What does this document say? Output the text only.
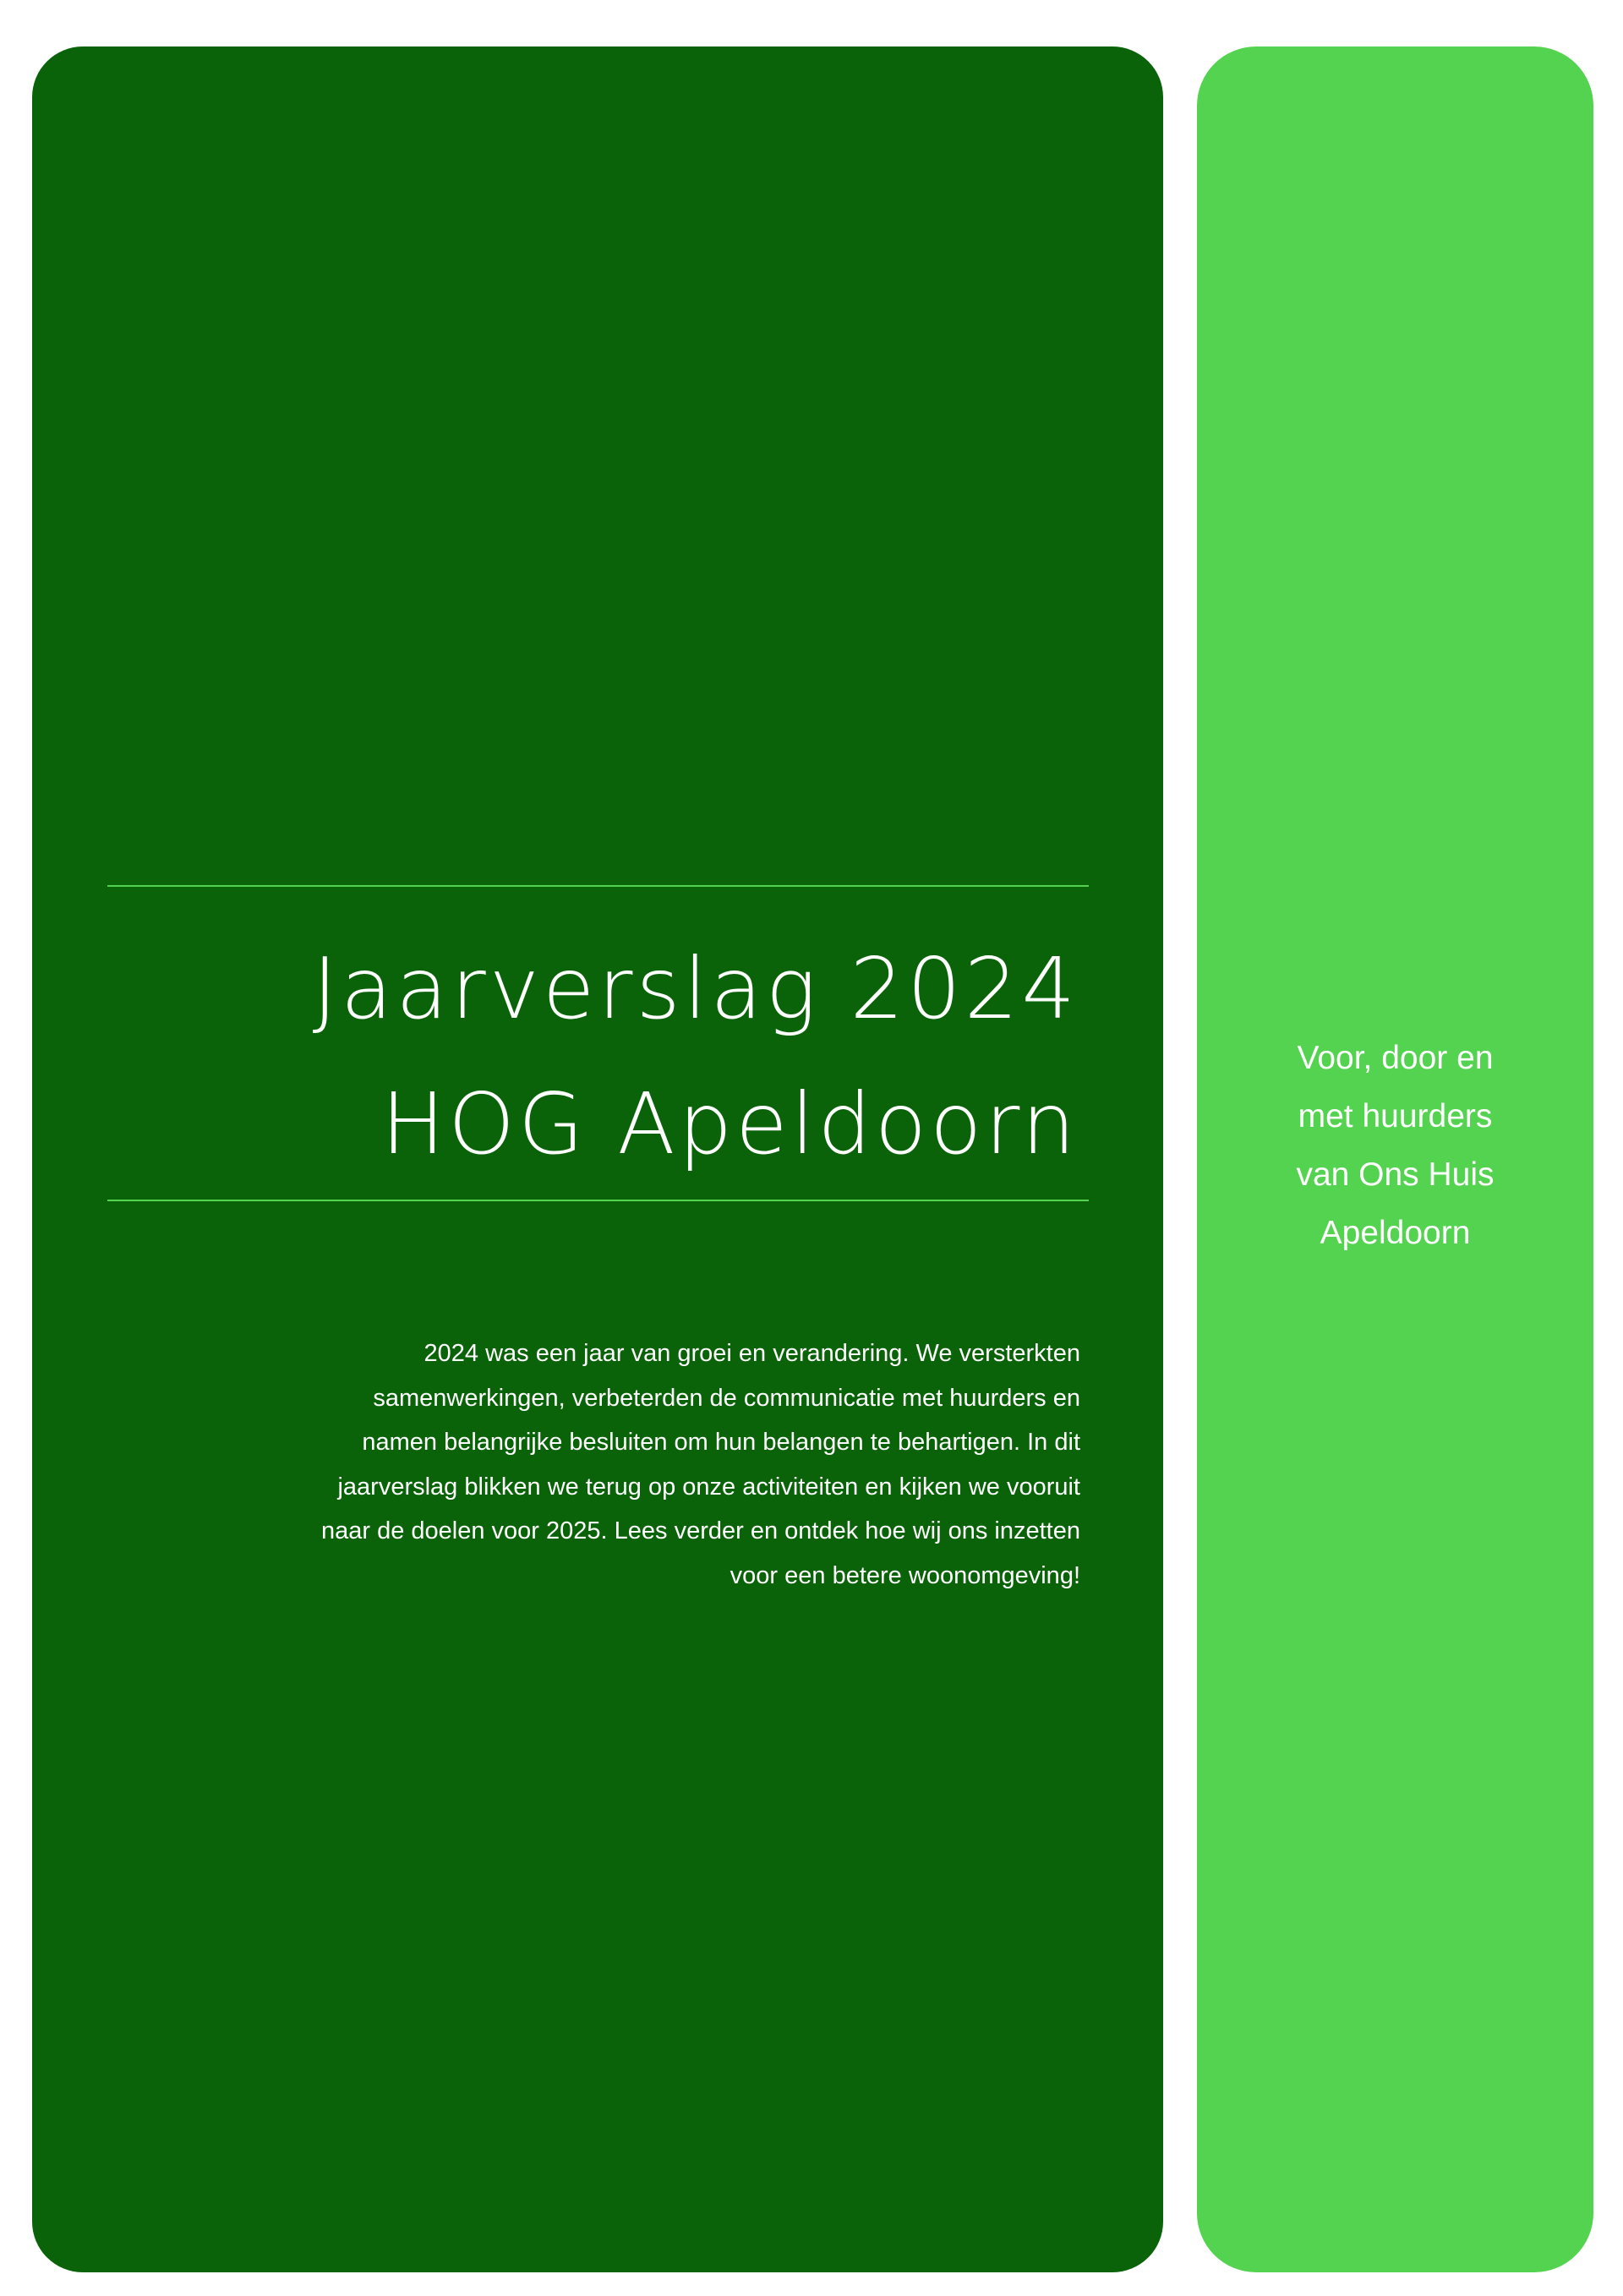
Jaarverslag 2024
HOG Apeldoorn

2024 was een jaar van groei en verandering. We versterkten
samenwerkingen, verbeterden de communicatie met huurders en
namen belangrijke besluiten om hun belangen te behartigen. In dit
jaarverslag blikken we terug op onze activiteiten en kijken we vooruit
naar de doelen voor 2025. Lees verder en ontdek hoe wij ons inzetten
voor een betere woonomgeving!

Voor, door en
met huurders
van Ons Huis
Apeldoorn
